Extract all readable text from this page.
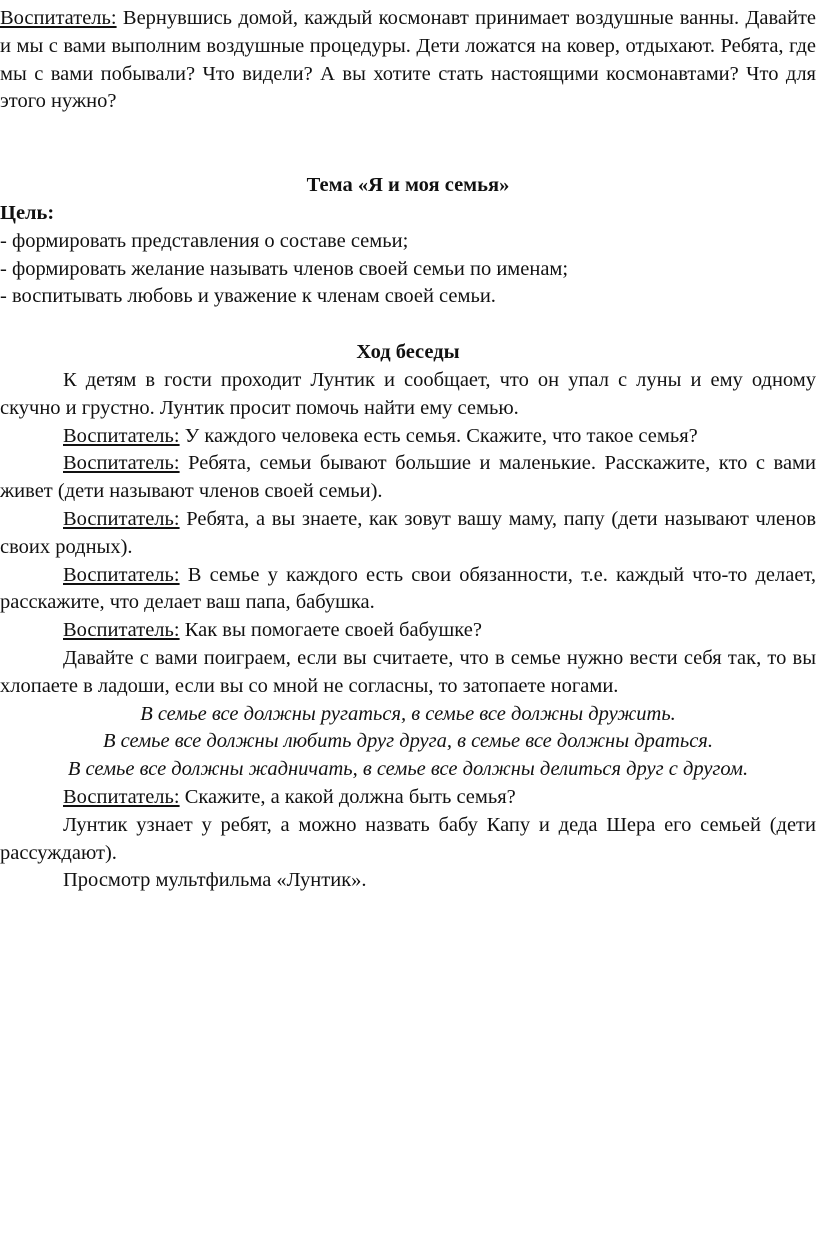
Воспитатель: Вернувшись домой, каждый космонавт принимает воздушные ванны. Давайте и мы с вами выполним воздушные процедуры. Дети ложатся на ковер, отдыхают. Ребята, где мы с вами побывали? Что видели? А вы хотите стать настоящими космонавтами? Что для этого нужно?

Тема «Я и моя семья»

Цель:

- формировать представления о составе семьи;
- формировать желание называть членов своей семьи по именам;
- воспитывать любовь и уважение к членам своей семьи.

Ход беседы

К детям в гости проходит Лунтик и сообщает, что он упал с луны и ему одному скучно и грустно. Лунтик просит помочь найти ему семью.

Воспитатель: У каждого человека есть семья. Скажите, что такое семья?

Воспитатель: Ребята, семьи бывают большие и маленькие. Расскажите, кто с вами живет (дети называют членов своей семьи).

Воспитатель: Ребята, а вы знаете, как зовут вашу маму, папу (дети называют членов своих родных).

Воспитатель: В семье у каждого есть свои обязанности, т.е. каждый что-то делает, расскажите, что делает ваш папа, бабушка.

Воспитатель: Как вы помогаете своей бабушке?

Давайте с вами поиграем, если вы считаете, что в семье нужно вести себя так, то вы хлопаете в ладоши, если вы со мной не согласны, то затопаете ногами.

В семье все должны ругаться, в семье все должны дружить.
В семье все должны любить друг друга, в семье все должны драться.
В семье все должны жадничать, в семье все должны делиться друг с другом.

Воспитатель: Скажите, а какой должна быть семья?

Лунтик узнает у ребят, а можно назвать бабу Капу и деда Шера его семьей (дети рассуждают).

Просмотр мультфильма «Лунтик».
